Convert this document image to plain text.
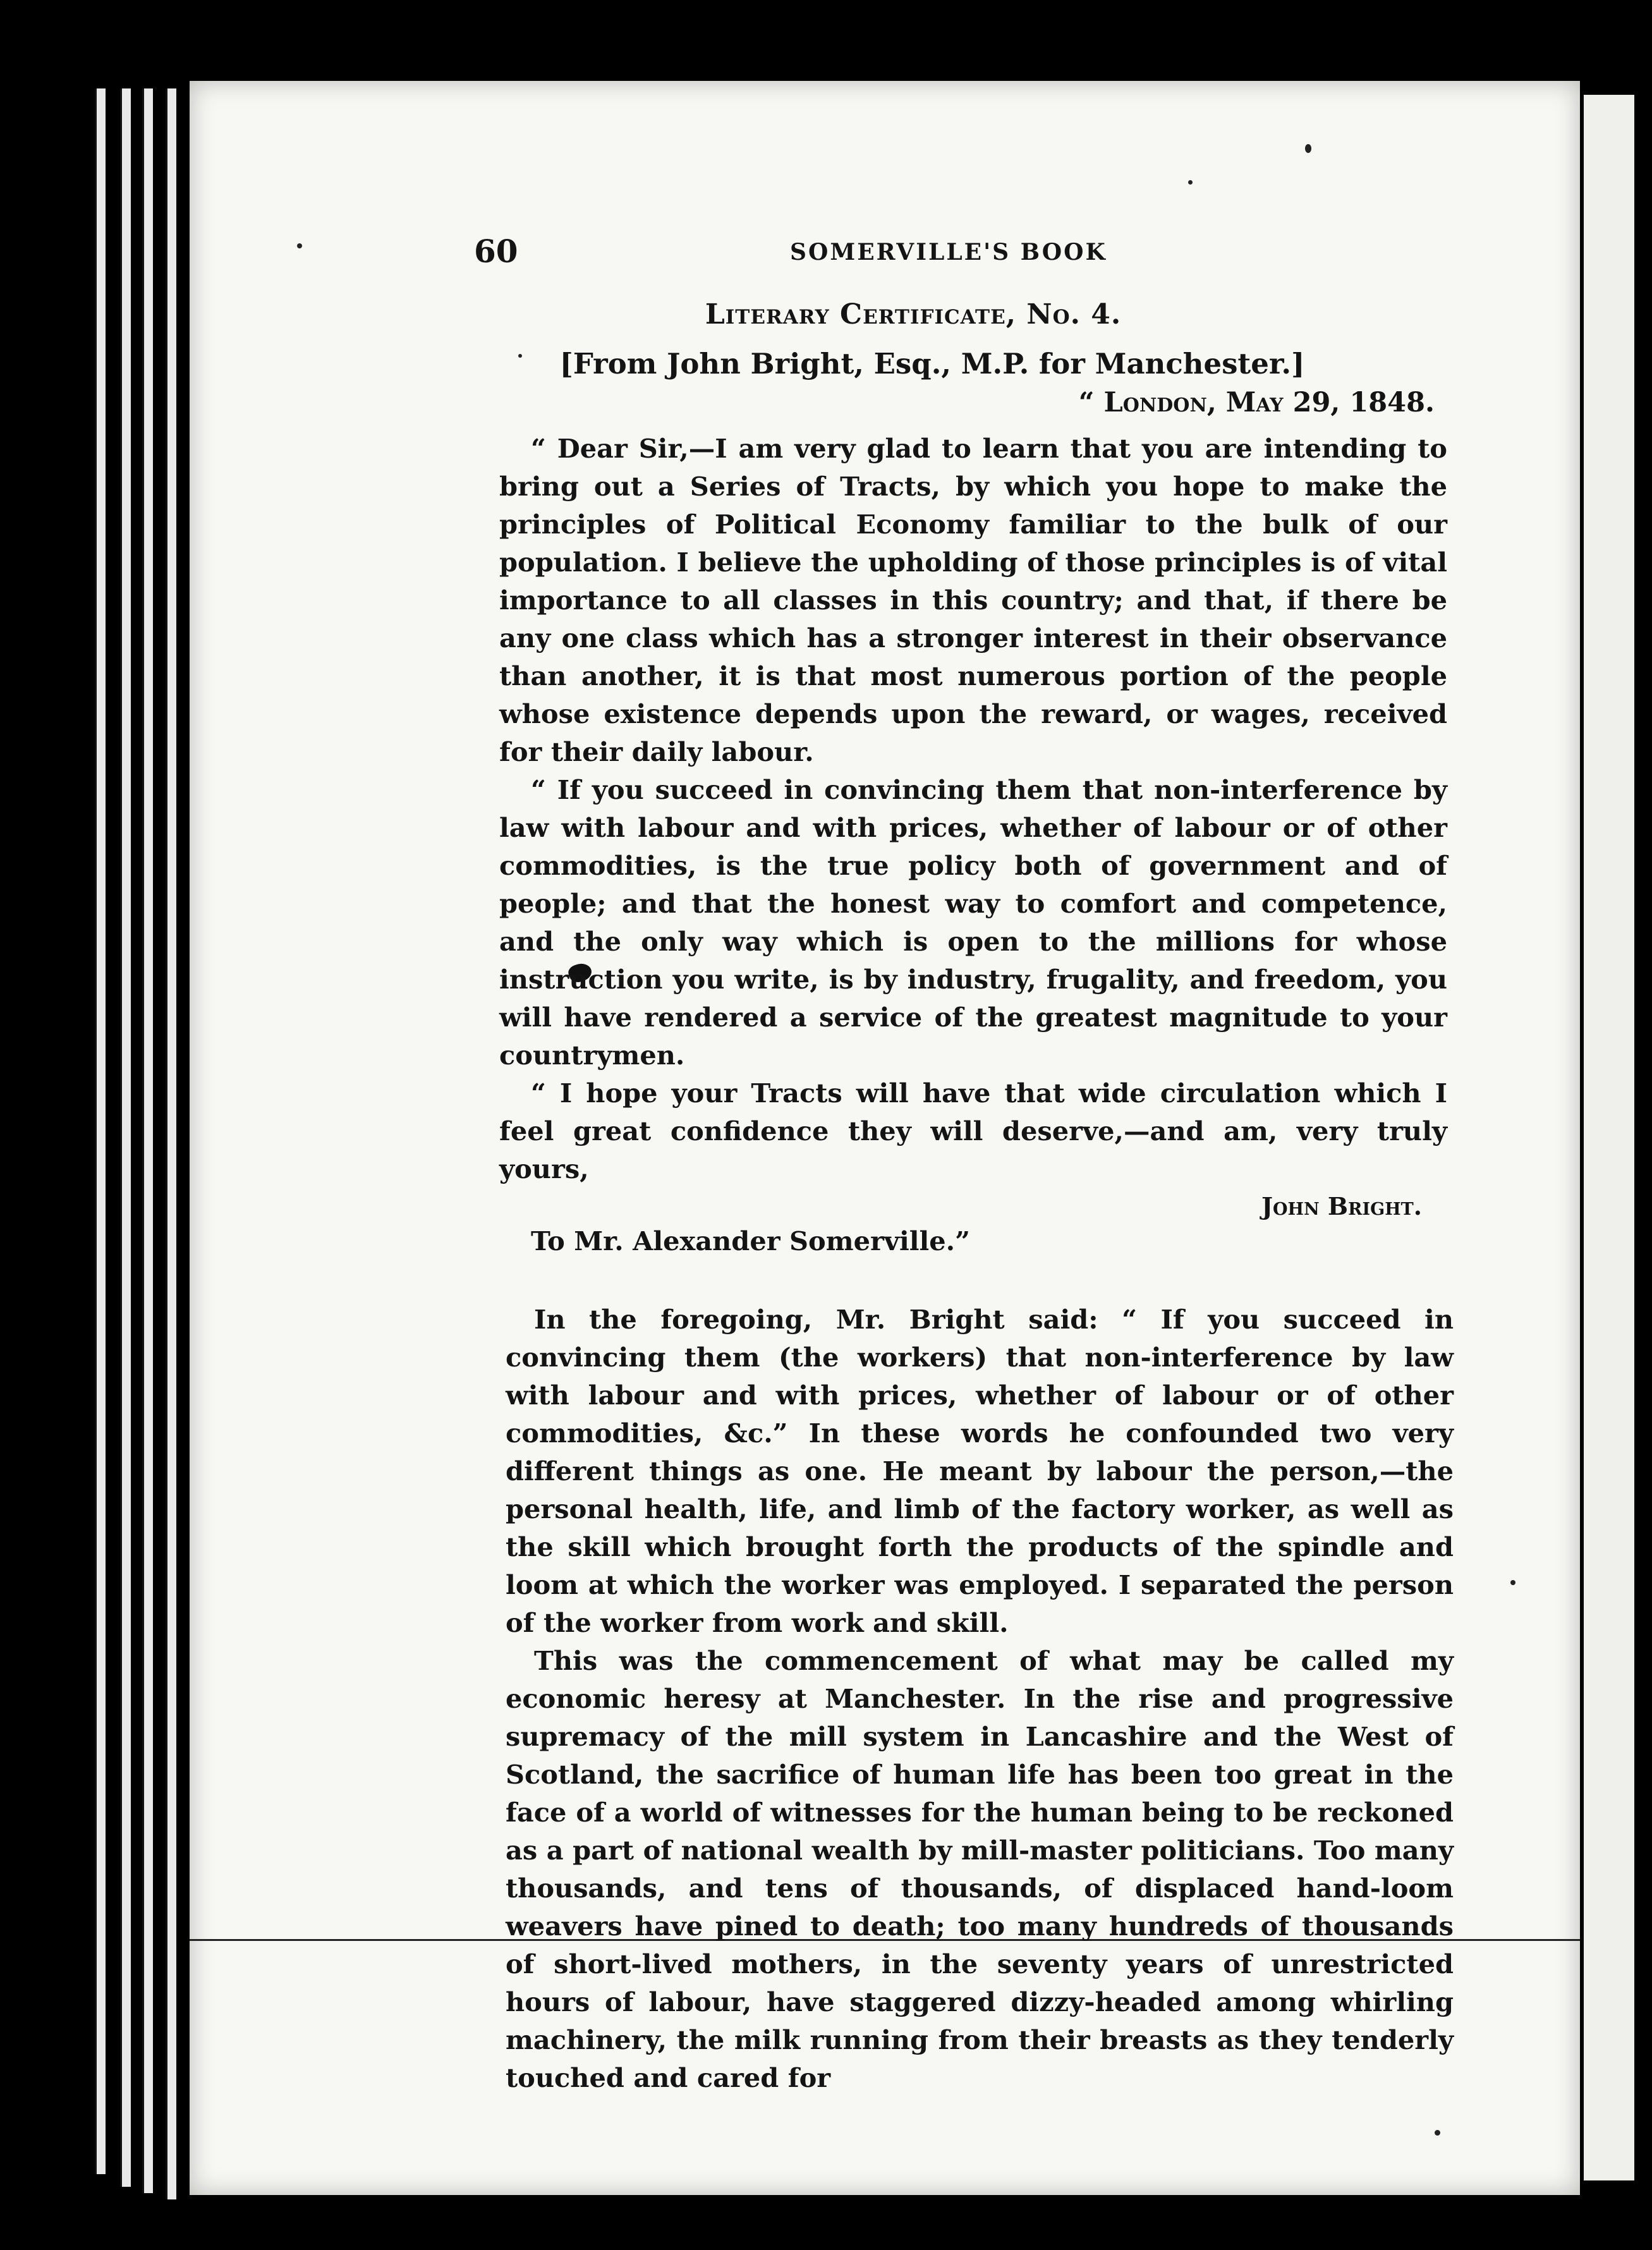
60	SOMERVILLE'S BOOK
Literary Certificate, No. 4.
[From John Bright, Esq., M.P. for Manchester.]
“ London, May 29, 1848.

“ Dear Sir,—I am very glad to learn that you are intending to bring out a Series of Tracts, by which you hope to make the principles of Political Economy familiar to the bulk of our population. I believe the upholding of those principles is of vital importance to all classes in this country; and that, if there be any one class which has a stronger interest in their observance than another, it is that most numerous portion of the people whose existence depends upon the reward, or wages, received for their daily labour.

“ If you succeed in convincing them that non-interference by law with labour and with prices, whether of labour or of other commodities, is the true policy both of government and of people; and that the honest way to comfort and competence, and the only way which is open to the millions for whose instruction you write, is by industry, frugality, and freedom, you will have rendered a service of the greatest magnitude to your countrymen.

“ I hope your Tracts will have that wide circulation which I feel great confidence they will deserve,—and am, very truly yours,

John Bright.
To Mr. Alexander Somerville.”

In the foregoing, Mr. Bright said: “ If you succeed in convincing them (the workers) that non-interference by law with labour and with prices, whether of labour or of other commodities, &c.” In these words he confounded two very different things as one. He meant by labour the person,—the personal health, life, and limb of the factory worker, as well as the skill which brought forth the products of the spindle and loom at which the worker was employed. I separated the person of the worker from work and skill.

This was the commencement of what may be called my economic heresy at Manchester. In the rise and progressive supremacy of the mill system in Lancashire and the West of Scotland, the sacrifice of human life has been too great in the face of a world of witnesses for the human being to be reckoned as a part of national wealth by mill-master politicians. Too many thousands, and tens of thousands, of displaced hand-loom weavers have pined to death; too many hundreds of thousands of short-lived mothers, in the seventy years of unrestricted hours of labour, have staggered dizzy-headed among whirling machinery, the milk running from their breasts as they tenderly touched and cared for
